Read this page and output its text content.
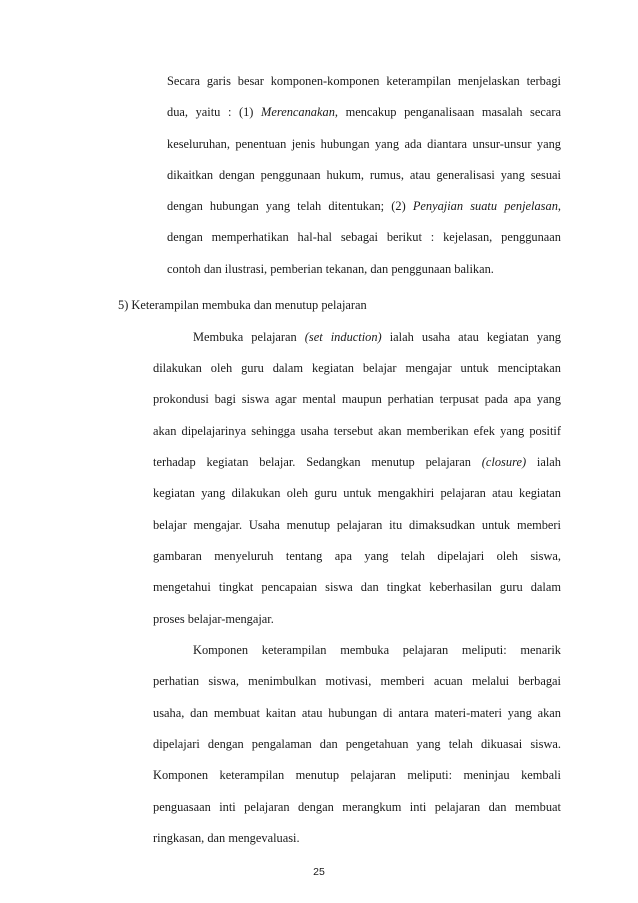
Secara garis besar komponen-komponen keterampilan menjelaskan terbagi
dua, yaitu : (1) Merencanakan, mencakup penganalisaan masalah secara
keseluruhan, penentuan jenis hubungan yang ada diantara unsur-unsur yang
dikaitkan dengan penggunaan hukum, rumus, atau generalisasi yang sesuai
dengan hubungan yang telah ditentukan; (2) Penyajian suatu penjelasan,
dengan memperhatikan hal-hal sebagai berikut : kejelasan, penggunaan
contoh dan ilustrasi, pemberian tekanan, dan penggunaan balikan.
5) Keterampilan membuka dan menutup pelajaran
Membuka pelajaran (set induction) ialah usaha atau kegiatan yang
dilakukan oleh guru dalam kegiatan belajar mengajar untuk menciptakan
prokondusi bagi siswa agar mental maupun perhatian terpusat pada apa yang
akan dipelajarinya sehingga usaha tersebut akan memberikan efek yang positif
terhadap kegiatan belajar. Sedangkan menutup pelajaran (closure) ialah
kegiatan yang dilakukan oleh guru untuk mengakhiri pelajaran atau kegiatan
belajar mengajar. Usaha menutup pelajaran itu dimaksudkan untuk memberi
gambaran menyeluruh tentang apa yang telah dipelajari oleh siswa,
mengetahui tingkat pencapaian siswa dan tingkat keberhasilan guru dalam
proses belajar-mengajar.
Komponen keterampilan membuka pelajaran meliputi: menarik
perhatian siswa, menimbulkan motivasi, memberi acuan melalui berbagai
usaha, dan membuat kaitan atau hubungan di antara materi-materi yang akan
dipelajari dengan pengalaman dan pengetahuan yang telah dikuasai siswa.
Komponen keterampilan menutup pelajaran meliputi: meninjau kembali
penguasaan inti pelajaran dengan merangkum inti pelajaran dan membuat
ringkasan, dan mengevaluasi.
25
